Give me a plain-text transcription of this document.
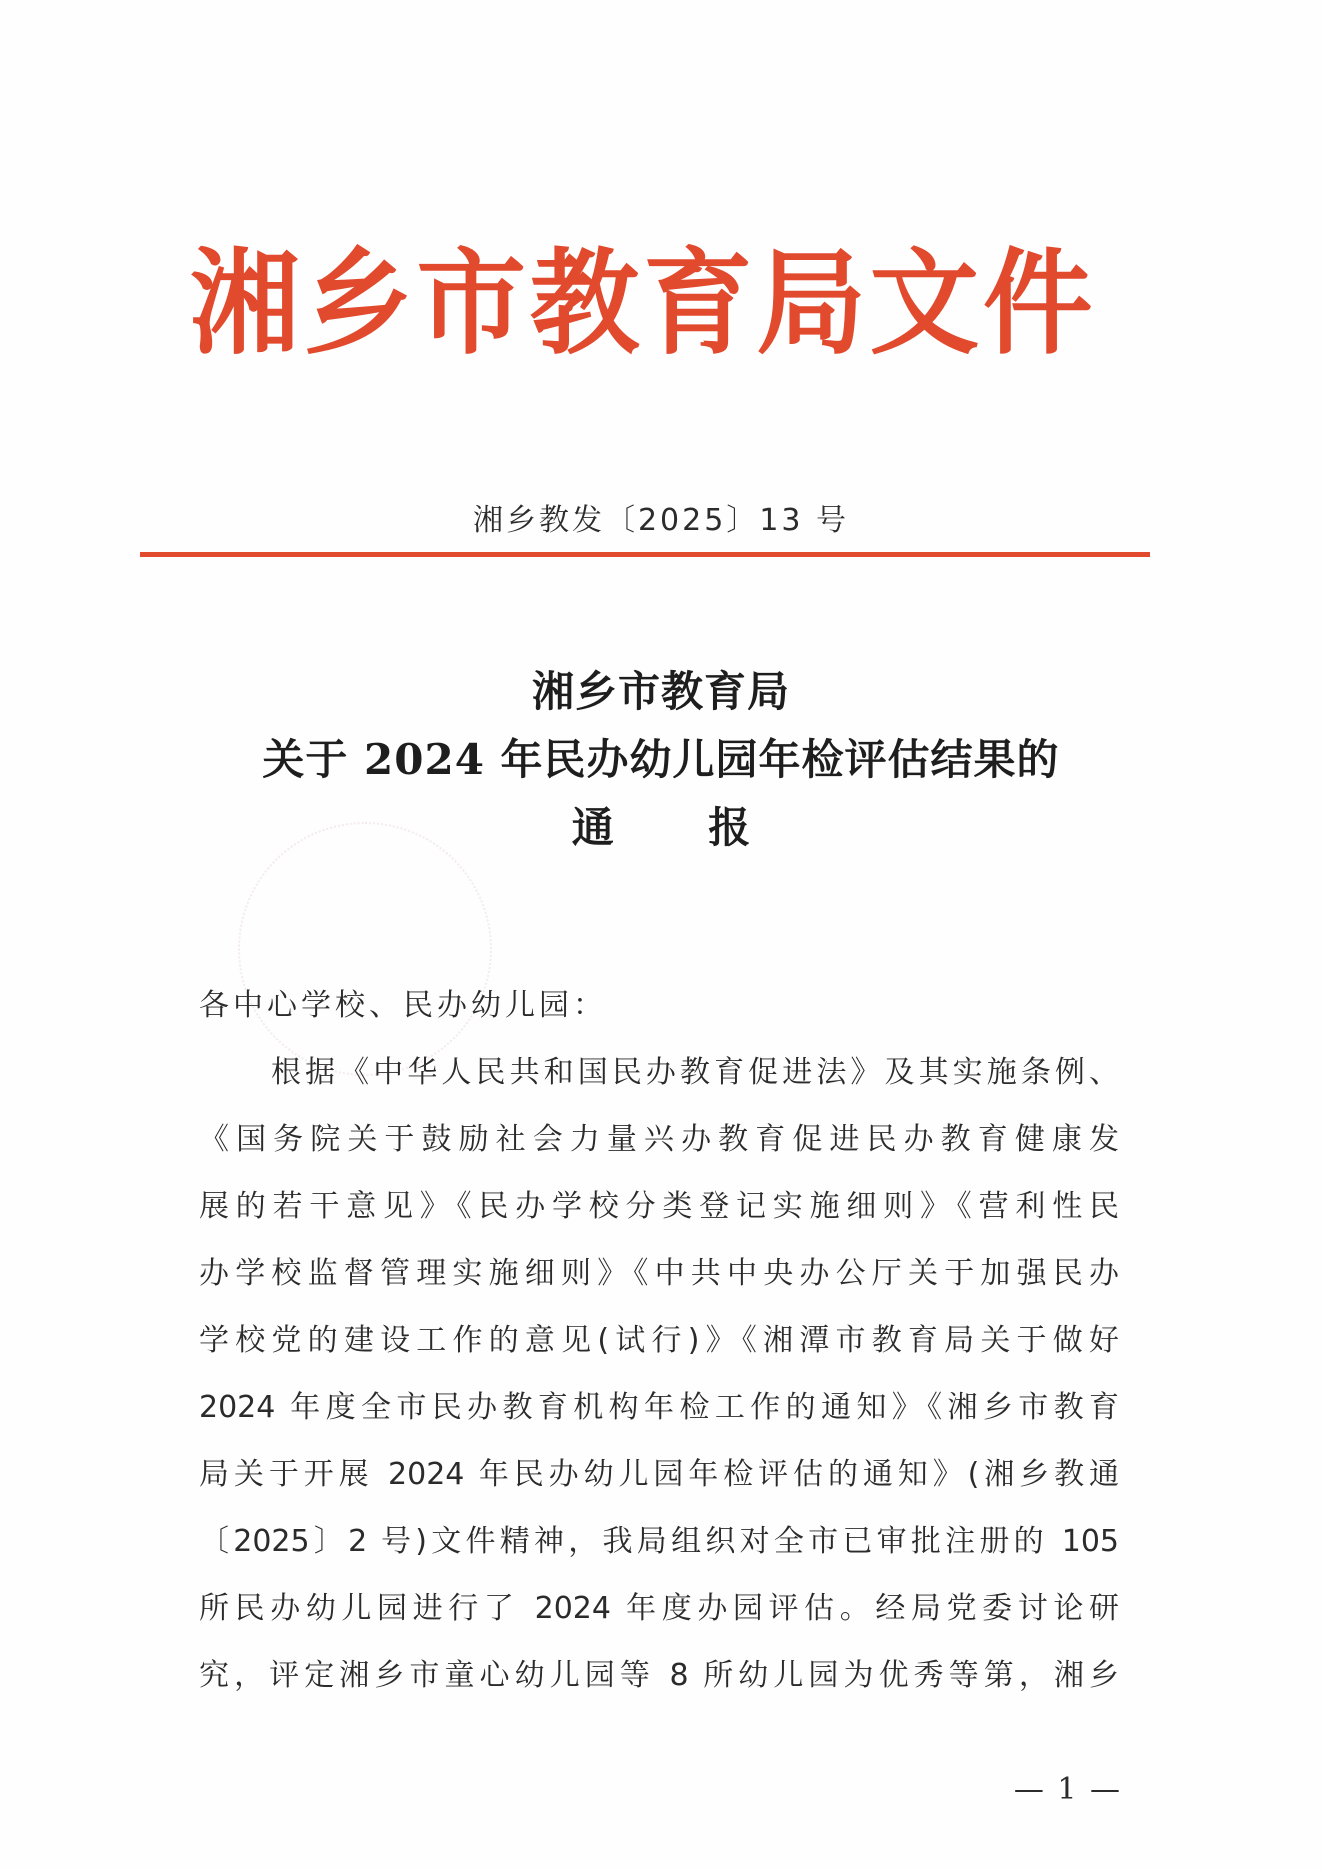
湘乡市教育局文件
湘乡教发〔2025〕13 号
湘乡市教育局
关于 2024 年民办幼儿园年检评估结果的
通 报
各中心学校、民办幼儿园：
根据《中华人民共和国民办教育促进法》及其实施条例、
《国务院关于鼓励社会力量兴办教育促进民办教育健康发
展的若干意见》《民办学校分类登记实施细则》《营利性民
办学校监督管理实施细则》《中共中央办公厅关于加强民办
学校党的建设工作的意见(试行)》《湘潭市教育局关于做好
2024 年度全市民办教育机构年检工作的通知》《湘乡市教育
局关于开展 2024 年民办幼儿园年检评估的通知》(湘乡教通
〔2025〕2 号)文件精神，我局组织对全市已审批注册的 105
所民办幼儿园进行了 2024 年度办园评估。经局党委讨论研
究，评定湘乡市童心幼儿园等 8 所幼儿园为优秀等第，湘乡
— 1 —
